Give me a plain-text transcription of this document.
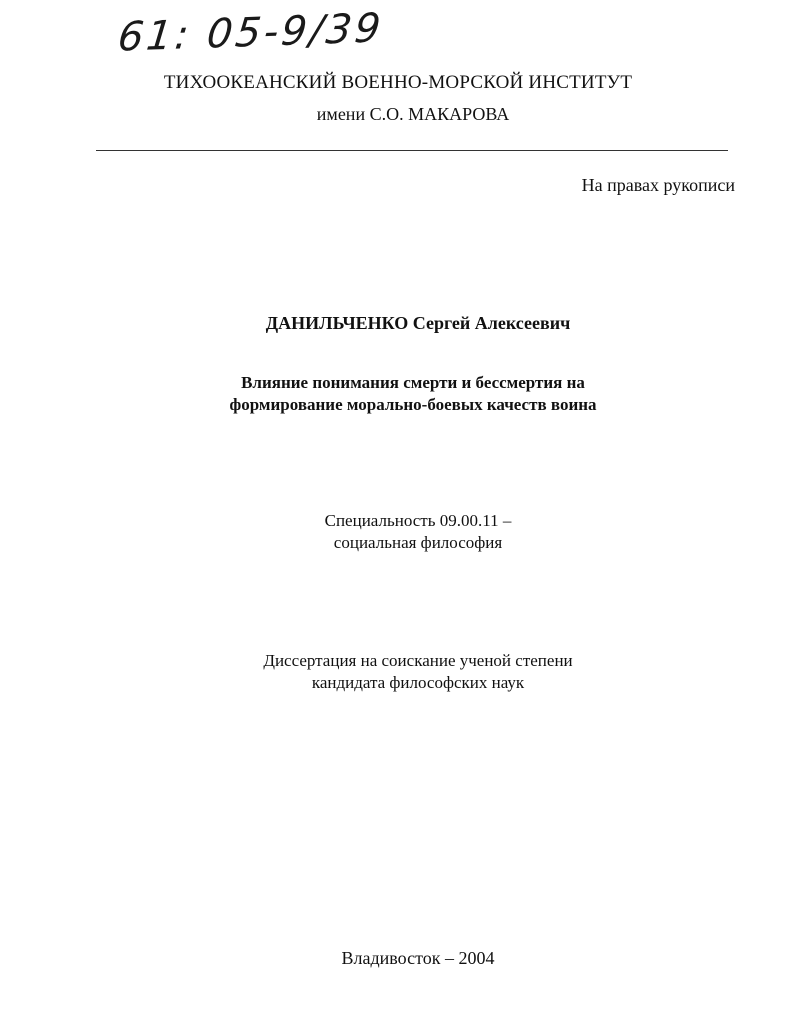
61: 05-9/39
ТИХООКЕАНСКИЙ ВОЕННО-МОРСКОЙ ИНСТИТУТ
имени С.О. МАКАРОВА
На правах рукописи
ДАНИЛЬЧЕНКО Сергей Алексеевич
Влияние понимания смерти и бессмертия на
формирование морально-боевых качеств воина
Специальность 09.00.11 –
социальная философия
Диссертация на соискание ученой степени
кандидата философских наук
Владивосток – 2004
